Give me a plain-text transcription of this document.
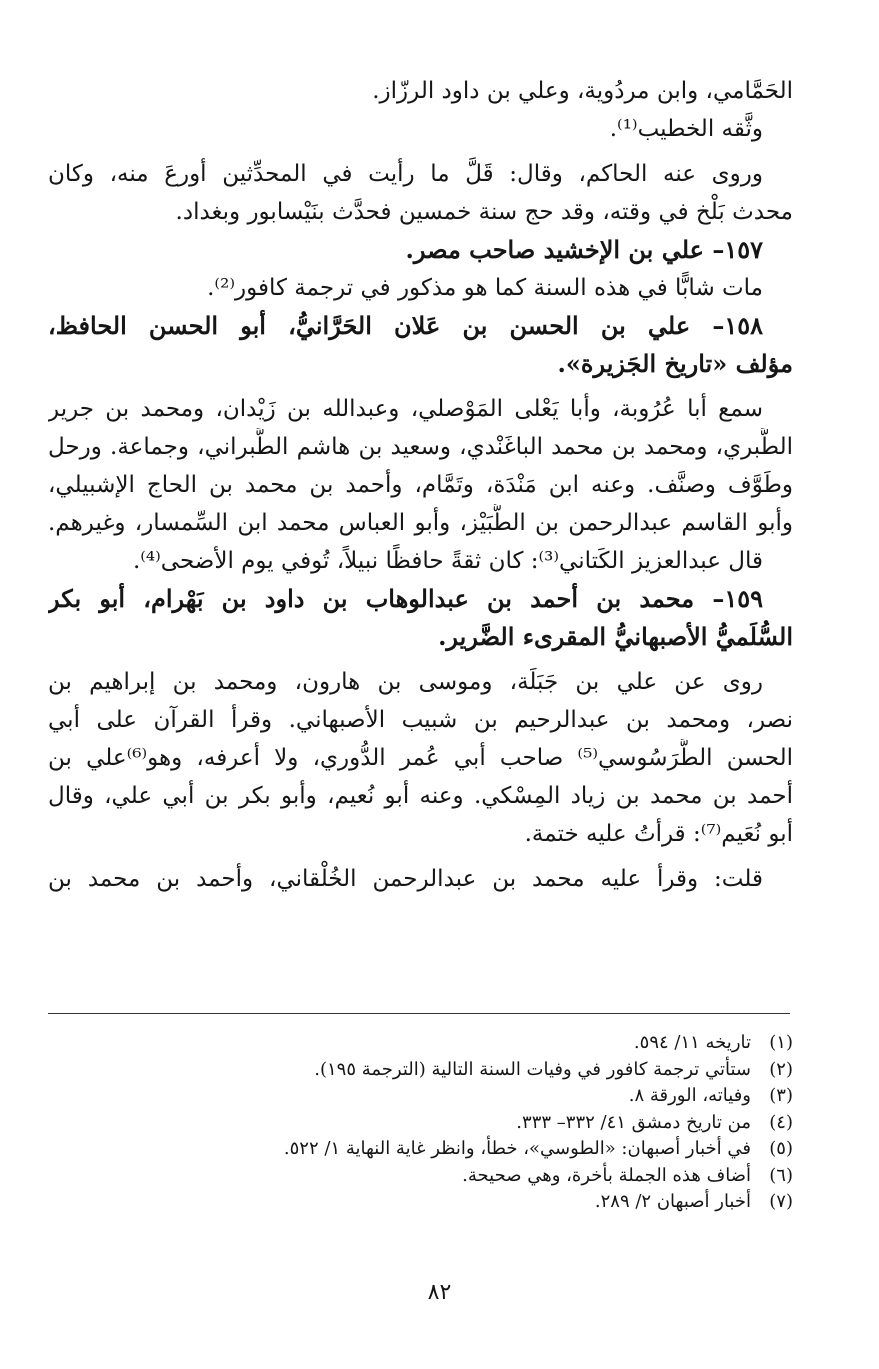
الحَمَّامي، وابن مردُوية، وعلي بن داود الرزّاز.
وثَّقه الخطيب⁽¹⁾.
وروى عنه الحاكم، وقال: قَلَّ ما رأيت في المحدِّثين أورعَ منه، وكان
محدث بَلْخ في وقته، وقد حج سنة خمسين فحدَّث بنَيْسابور وبغداد.
١٥٧– علي بن الإخشيد صاحب مصر.
مات شابًّا في هذه السنة كما هو مذكور في ترجمة كافور⁽²⁾.
١٥٨– علي بن الحسن بن عَلان الحَرَّانيُّ، أبو الحسن الحافظ،
مؤلف «تاريخ الجَزيرة».
سمع أبا عُرُوبة، وأبا يَعْلى المَوْصلي، وعبدالله بن زَيْدان، ومحمد بن جرير
الطَّبري، ومحمد بن محمد الباغَنْدي، وسعيد بن هاشم الطَّبراني، وجماعة. ورحل
وطَوَّف وصنَّف. وعنه ابن مَنْدَة، وتَمَّام، وأحمد بن محمد بن الحاج الإشبيلي،
وأبو القاسم عبدالرحمن بن الطُّبَيْز، وأبو العباس محمد ابن السِّمسار، وغيرهم.
قال عبدالعزيز الكَتاني⁽³⁾: كان ثقةً حافظًا نبيلاً، تُوفي يوم الأضحى⁽⁴⁾.
١٥٩– محمد بن أحمد بن عبدالوهاب بن داود بن بَهْرام، أبو بكر
السُّلَميُّ الأصبهانيُّ المقرىء الضَّرير.
روى عن علي بن جَبَلَة، وموسى بن هارون، ومحمد بن إبراهيم بن
نصر، ومحمد بن عبدالرحيم بن شبيب الأصبهاني. وقرأ القرآن على أبي
الحسن الطَّرَسُوسي⁽⁵⁾ صاحب أبي عُمر الدُّوري، ولا أعرفه، وهو⁽⁶⁾علي بن
أحمد بن محمد بن زياد المِسْكي. وعنه أبو نُعيم، وأبو بكر بن أبي علي، وقال
أبو نُعَيم⁽⁷⁾: قرأتُ عليه ختمة.
قلت: وقرأ عليه محمد بن عبدالرحمن الخُلْقاني، وأحمد بن محمد بن
(١)
تاريخه ١١/ ٥٩٤.
(٢)
ستأتي ترجمة كافور في وفيات السنة التالية (الترجمة ١٩٥).
(٣)
وفياته، الورقة ٨.
(٤)
من تاريخ دمشق ٤١/ ٣٣٢– ٣٣٣.
(٥)
في أخبار أصبهان: «الطوسي»، خطأ، وانظر غاية النهاية ١/ ٥٢٢.
(٦)
أضاف هذه الجملة بأخرة، وهي صحيحة.
(٧)
أخبار أصبهان ٢/ ٢٨٩.
٨٢
